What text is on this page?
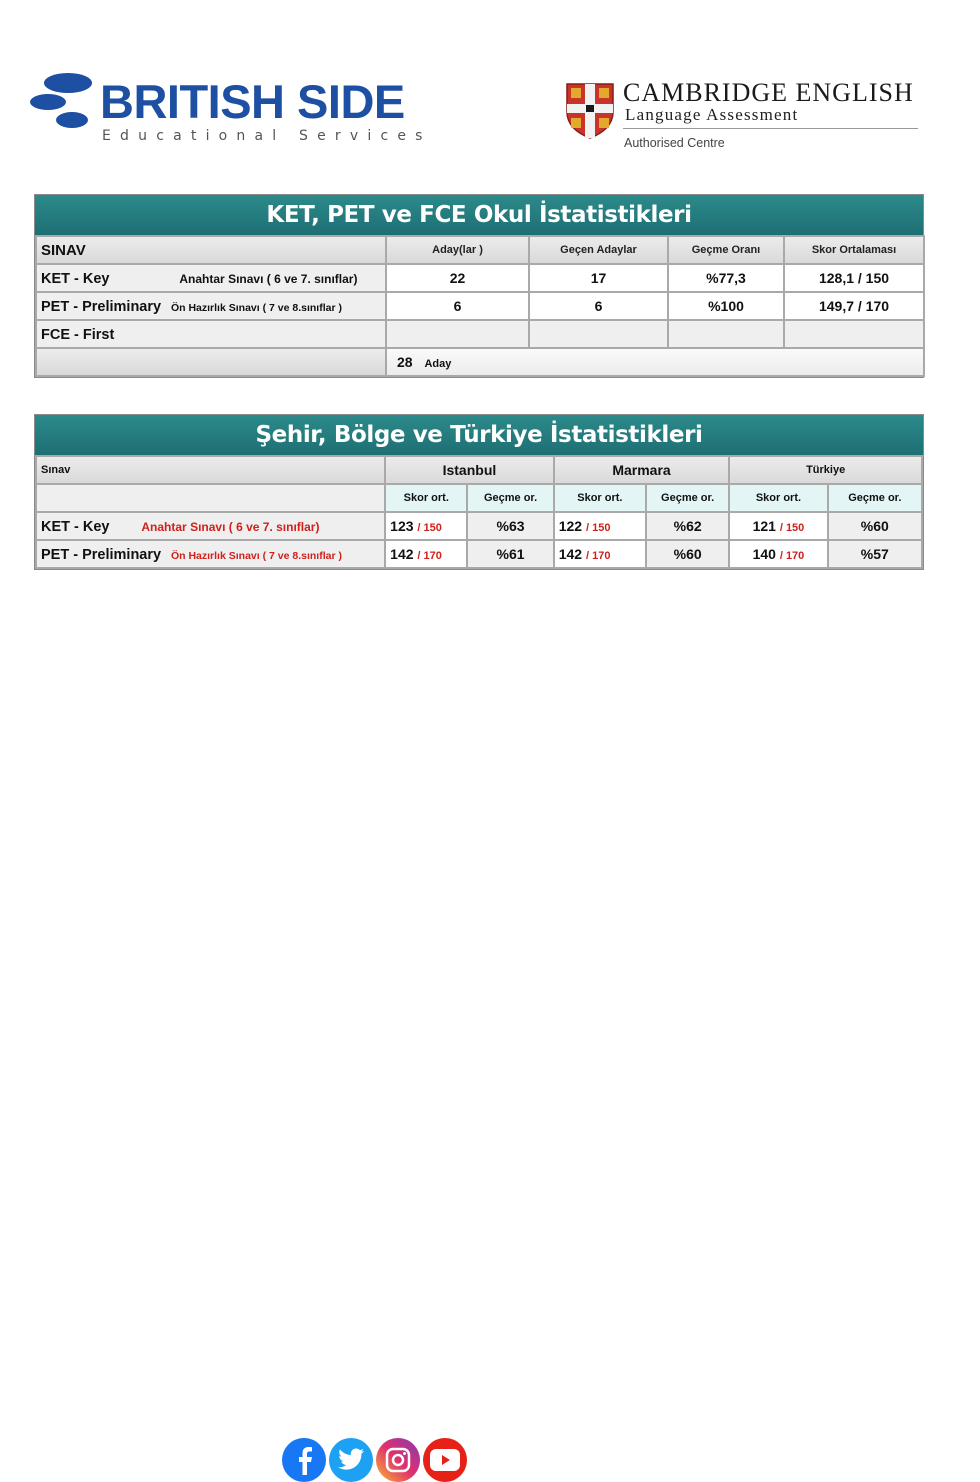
BRITISH SIDE
Educational Services
CAMBRIDGE ENGLISH
Language Assessment
Authorised Centre
KET, PET ve FCE Okul İstatistikleri
SINAV	Aday(lar )	Geçen Adaylar	Geçme Oranı	Skor Ortalaması
KET - Key Anahtar Sınavı ( 6 ve 7. sınıflar)	22	17	%77,3	128,1 / 150
PET - Preliminary Ön Hazırlık Sınavı ( 7 ve 8.sınıflar )	6	6	%100	149,7 / 170
FCE - First				
	28 Aday			
Şehir, Bölge ve Türkiye İstatistikleri
Sınav	Istanbul		Marmara		Türkiye	
	Skor ort.	Geçme or.	Skor ort.	Geçme or.	Skor ort.	Geçme or.
KET - Key Anahtar Sınavı ( 6 ve 7. sınıflar)	123 / 150	%63	122 / 150	%62	121 / 150	%60
PET - Preliminary Ön Hazırlık Sınavı ( 7 ve 8.sınıflar )	142 / 170	%61	142 / 170	%60	140 / 170	%57
